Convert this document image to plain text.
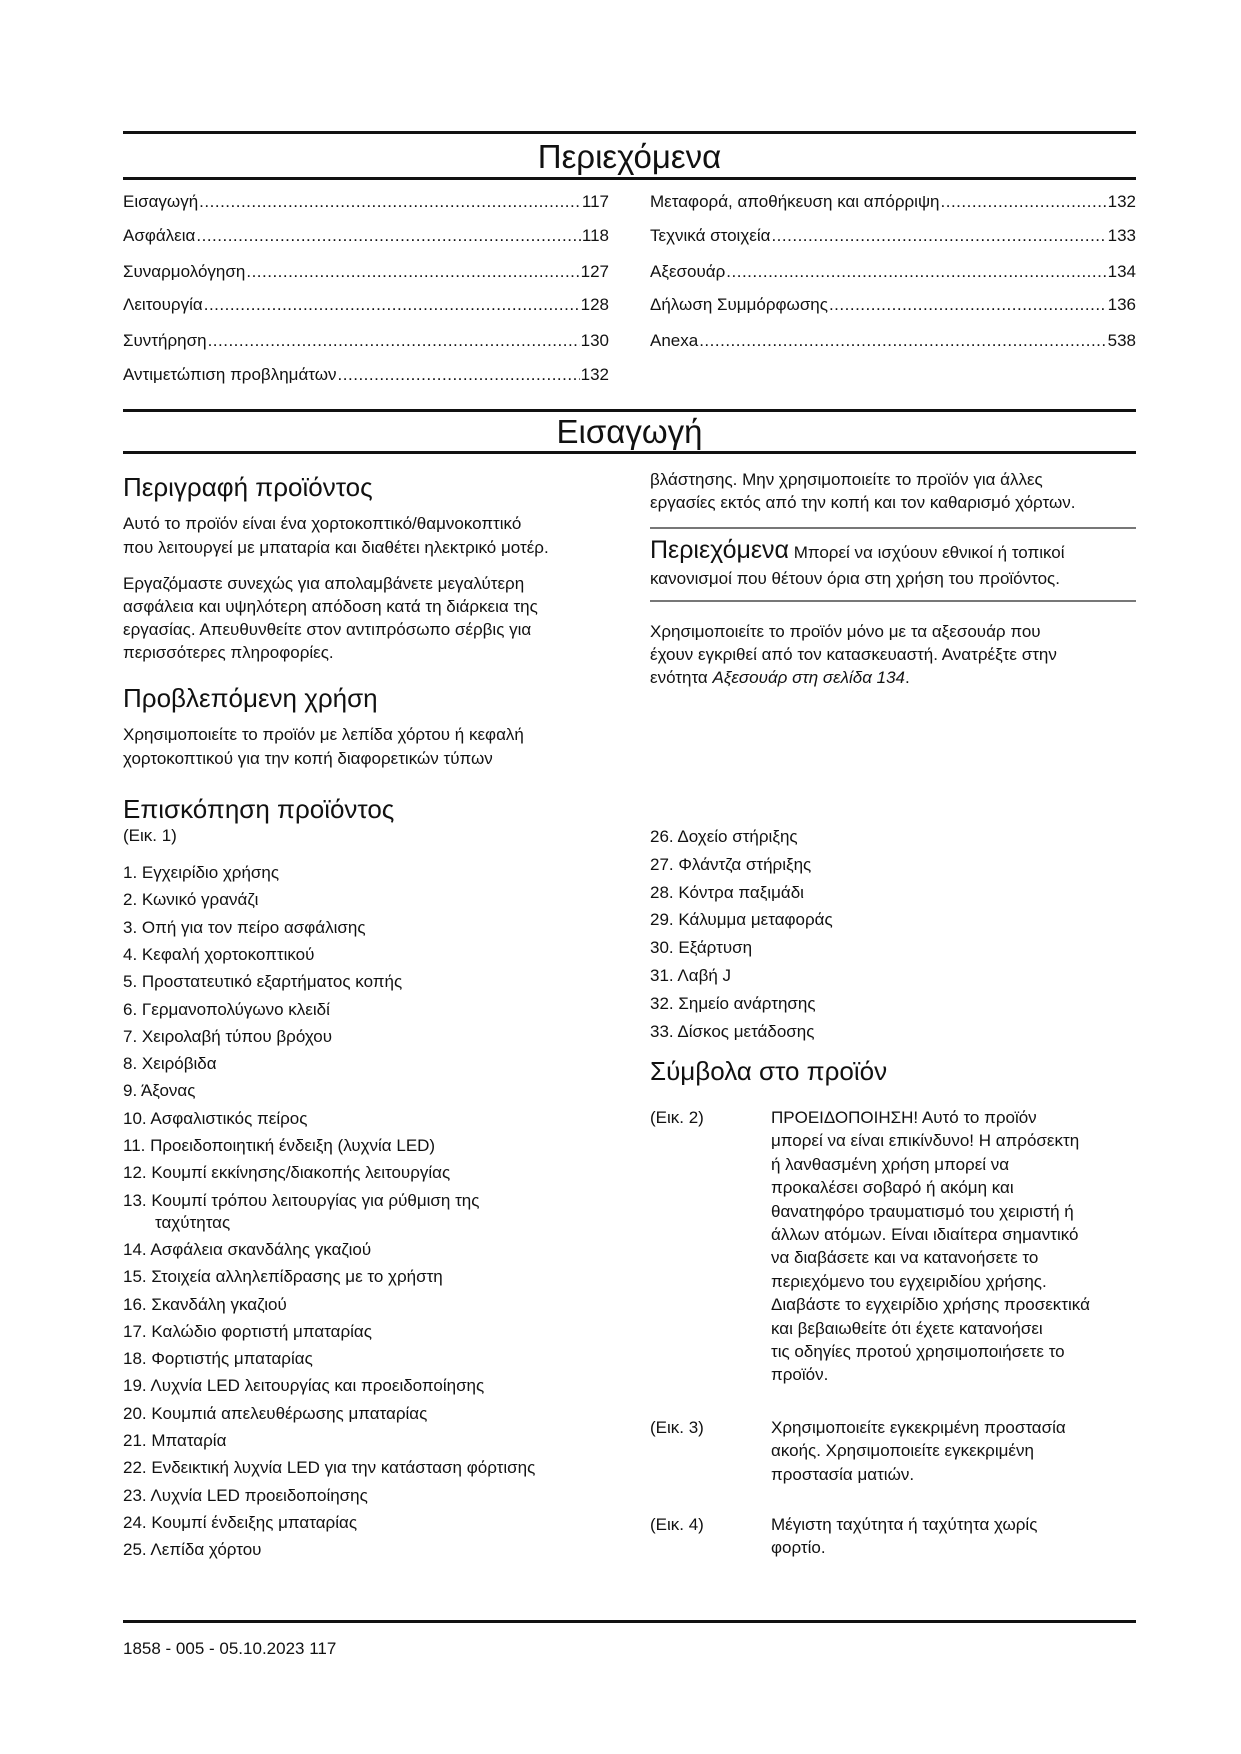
Περιεχόμενα
Εισαγωγή .....	117
Ασφάλεια .....	118
Συναρμολόγηση .....	127
Λειτουργία .....	128
Συντήρηση .....	130
Αντιμετώπιση προβλημάτων .....	132
Μεταφορά, αποθήκευση και απόρριψη .....	132
Τεχνικά στοιχεία .....	133
Αξεσουάρ .....	134
Δήλωση Συμμόρφωσης .....	136
Anexa .....	538
Εισαγωγή
Περιγραφή προϊόντος
Αυτό το προϊόν είναι ένα χορτοκοπτικό/θαμνοκοπτικό
που λειτουργεί με μπαταρία και διαθέτει ηλεκτρικό μοτέρ.
Εργαζόμαστε συνεχώς για απολαμβάνετε μεγαλύτερη
ασφάλεια και υψηλότερη απόδοση κατά τη διάρκεια της
εργασίας. Απευθυνθείτε στον αντιπρόσωπο σέρβις για
περισσότερες πληροφορίες.
Προβλεπόμενη χρήση
Χρησιμοποιείτε το προϊόν με λεπίδα χόρτου ή κεφαλή
χορτοκοπτικού για την κοπή διαφορετικών τύπων
Επισκόπηση προϊόντος
(Εικ. 1)
1. Εγχειρίδιο χρήσης
2. Κωνικό γρανάζι
3. Οπή για τον πείρο ασφάλισης
4. Κεφαλή χορτοκοπτικού
5. Προστατευτικό εξαρτήματος κοπής
6. Γερμανοπολύγωνο κλειδί
7. Χειρολαβή τύπου βρόχου
8. Χειρόβιδα
9. Άξονας
10. Ασφαλιστικός πείρος
11. Προειδοποιητική ένδειξη (λυχνία LED)
12. Κουμπί εκκίνησης/διακοπής λειτουργίας
13. Κουμπί τρόπου λειτουργίας για ρύθμιση της
ταχύτητας
14. Ασφάλεια σκανδάλης γκαζιού
15. Στοιχεία αλληλεπίδρασης με το χρήστη
16. Σκανδάλη γκαζιού
17. Καλώδιο φορτιστή μπαταρίας
18. Φορτιστής μπαταρίας
19. Λυχνία LED λειτουργίας και προειδοποίησης
20. Κουμπιά απελευθέρωσης μπαταρίας
21. Μπαταρία
22. Ενδεικτική λυχνία LED για την κατάσταση φόρτισης
23. Λυχνία LED προειδοποίησης
24. Κουμπί ένδειξης μπαταρίας
25. Λεπίδα χόρτου
1858 - 005 - 05.10.2023 117
βλάστησης. Μην χρησιμοποιείτε το προϊόν για άλλες
εργασίες εκτός από την κοπή και τον καθαρισμό χόρτων.
Περιεχόμενα Μπορεί να ισχύουν εθνικοί ή τοπικοί
κανονισμοί που θέτουν όρια στη χρήση του προϊόντος.
Χρησιμοποιείτε το προϊόν μόνο με τα αξεσουάρ που
έχουν εγκριθεί από τον κατασκευαστή. Ανατρέξτε στην
ενότητα Αξεσουάρ στη σελίδα 134.
26. Δοχείο στήριξης
27. Φλάντζα στήριξης
28. Κόντρα παξιμάδι
29. Κάλυμμα μεταφοράς
30. Εξάρτυση
31. Λαβή J
32. Σημείο ανάρτησης
33. Δίσκος μετάδοσης
Σύμβολα στο προϊόν
(Εικ. 2)	ΠΡΟΕΙΔΟΠΟΙΗΣΗ! Αυτό το προϊόν
μπορεί να είναι επικίνδυνο! Η απρόσεκτη
ή λανθασμένη χρήση μπορεί να
προκαλέσει σοβαρό ή ακόμη και
θανατηφόρο τραυματισμό του χειριστή ή
άλλων ατόμων. Είναι ιδιαίτερα σημαντικό
να διαβάσετε και να κατανοήσετε το
περιεχόμενο του εγχειριδίου χρήσης.
Διαβάστε το εγχειρίδιο χρήσης προσεκτικά
και βεβαιωθείτε ότι έχετε κατανοήσει
τις οδηγίες προτού χρησιμοποιήσετε το
προϊόν.
(Εικ. 3)	Χρησιμοποιείτε εγκεκριμένη προστασία
ακοής. Χρησιμοποιείτε εγκεκριμένη
προστασία ματιών.
(Εικ. 4)	Μέγιστη ταχύτητα ή ταχύτητα χωρίς
φορτίο.
